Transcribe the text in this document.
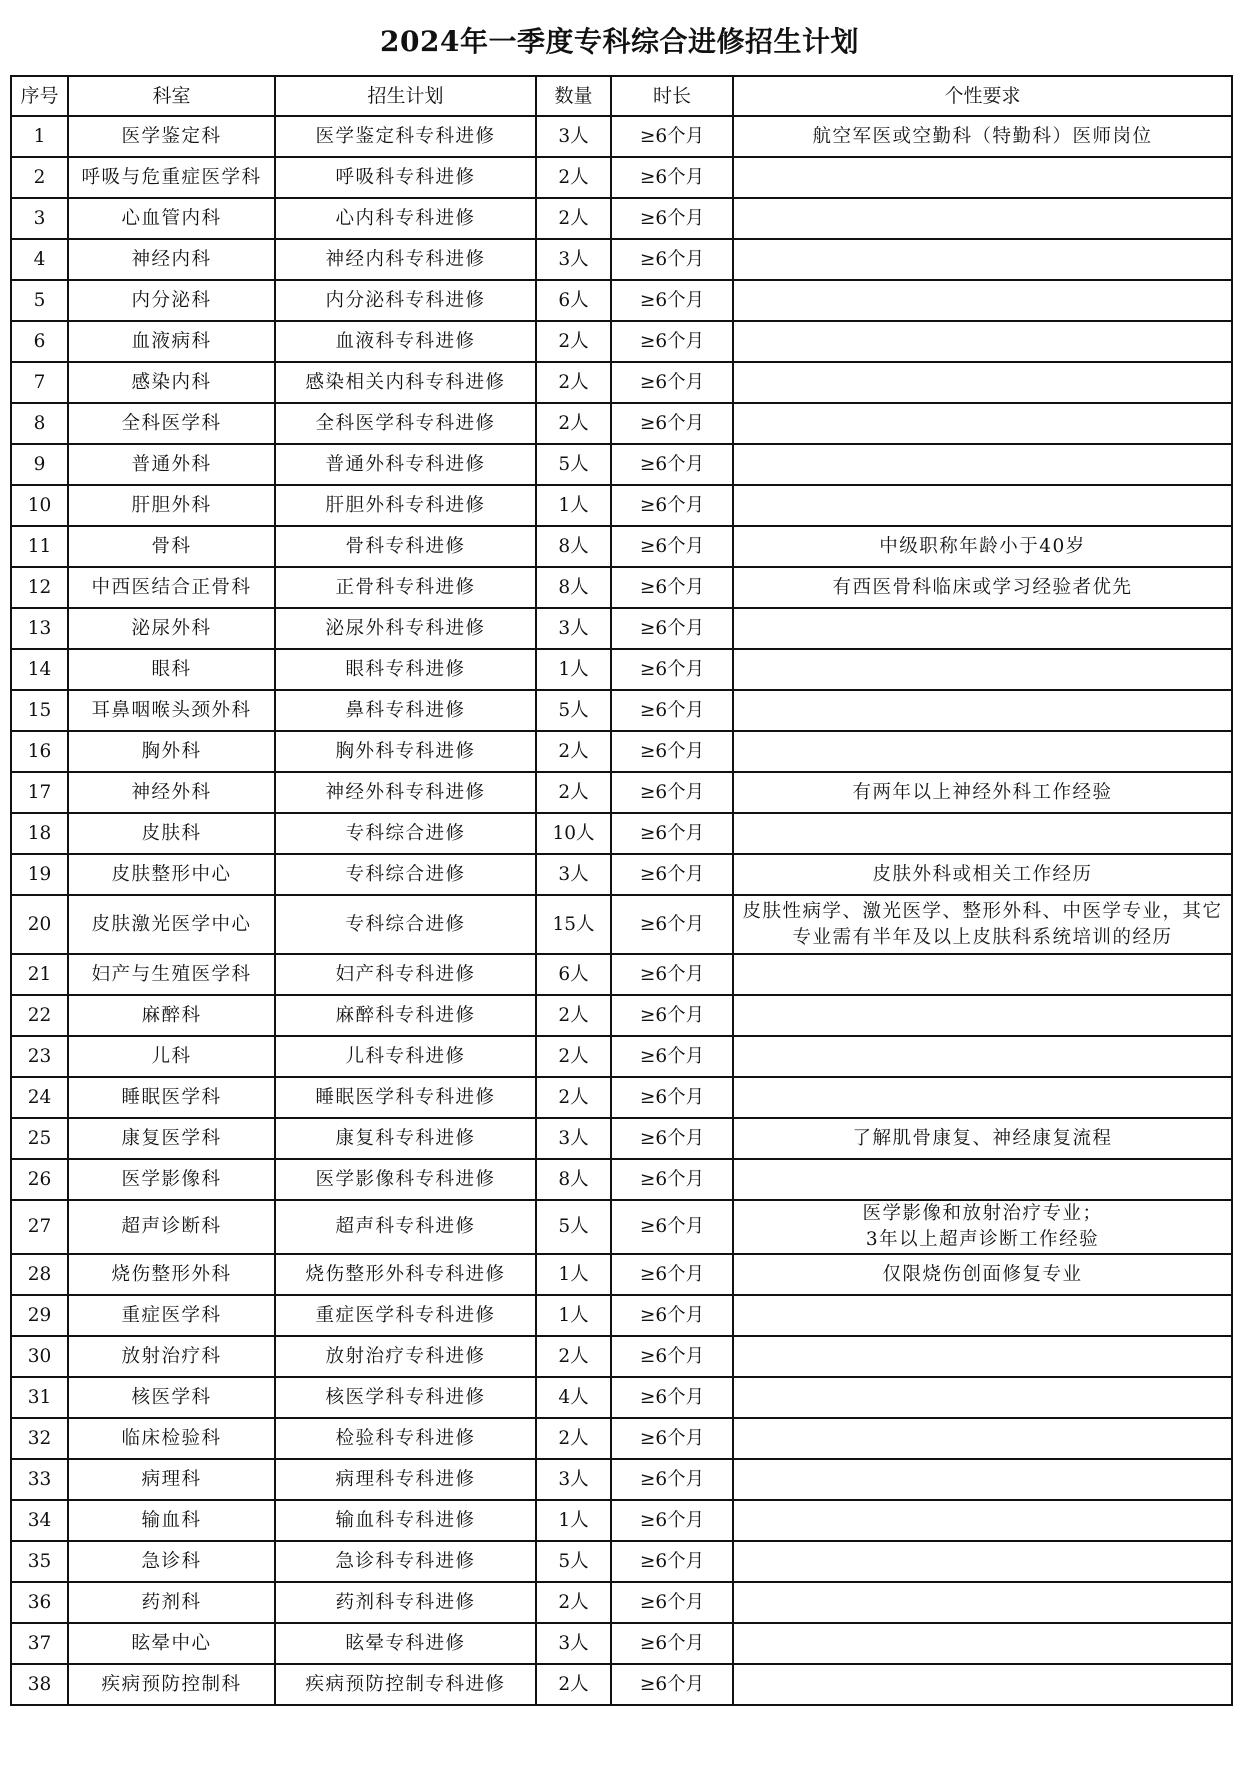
2024年一季度专科综合进修招生计划
序号	科室	招生计划	数量	时长	个性要求
1	医学鉴定科	医学鉴定科专科进修	3人	≥6个月	航空军医或空勤科（特勤科）医师岗位
2	呼吸与危重症医学科	呼吸科专科进修	2人	≥6个月	
3	心血管内科	心内科专科进修	2人	≥6个月	
4	神经内科	神经内科专科进修	3人	≥6个月	
5	内分泌科	内分泌科专科进修	6人	≥6个月	
6	血液病科	血液科专科进修	2人	≥6个月	
7	感染内科	感染相关内科专科进修	2人	≥6个月	
8	全科医学科	全科医学科专科进修	2人	≥6个月	
9	普通外科	普通外科专科进修	5人	≥6个月	
10	肝胆外科	肝胆外科专科进修	1人	≥6个月	
11	骨科	骨科专科进修	8人	≥6个月	中级职称年龄小于40岁
12	中西医结合正骨科	正骨科专科进修	8人	≥6个月	有西医骨科临床或学习经验者优先
13	泌尿外科	泌尿外科专科进修	3人	≥6个月	
14	眼科	眼科专科进修	1人	≥6个月	
15	耳鼻咽喉头颈外科	鼻科专科进修	5人	≥6个月	
16	胸外科	胸外科专科进修	2人	≥6个月	
17	神经外科	神经外科专科进修	2人	≥6个月	有两年以上神经外科工作经验
18	皮肤科	专科综合进修	10人	≥6个月	
19	皮肤整形中心	专科综合进修	3人	≥6个月	皮肤外科或相关工作经历
20	皮肤激光医学中心	专科综合进修	15人	≥6个月	皮肤性病学、激光医学、整形外科、中医学专业，其它专业需有半年及以上皮肤科系统培训的经历
21	妇产与生殖医学科	妇产科专科进修	6人	≥6个月	
22	麻醉科	麻醉科专科进修	2人	≥6个月	
23	儿科	儿科专科进修	2人	≥6个月	
24	睡眠医学科	睡眠医学科专科进修	2人	≥6个月	
25	康复医学科	康复科专科进修	3人	≥6个月	了解肌骨康复、神经康复流程
26	医学影像科	医学影像科专科进修	8人	≥6个月	
27	超声诊断科	超声科专科进修	5人	≥6个月	医学影像和放射治疗专业；
3年以上超声诊断工作经验
28	烧伤整形外科	烧伤整形外科专科进修	1人	≥6个月	仅限烧伤创面修复专业
29	重症医学科	重症医学科专科进修	1人	≥6个月	
30	放射治疗科	放射治疗专科进修	2人	≥6个月	
31	核医学科	核医学科专科进修	4人	≥6个月	
32	临床检验科	检验科专科进修	2人	≥6个月	
33	病理科	病理科专科进修	3人	≥6个月	
34	输血科	输血科专科进修	1人	≥6个月	
35	急诊科	急诊科专科进修	5人	≥6个月	
36	药剂科	药剂科专科进修	2人	≥6个月	
37	眩晕中心	眩晕专科进修	3人	≥6个月	
38	疾病预防控制科	疾病预防控制专科进修	2人	≥6个月	
